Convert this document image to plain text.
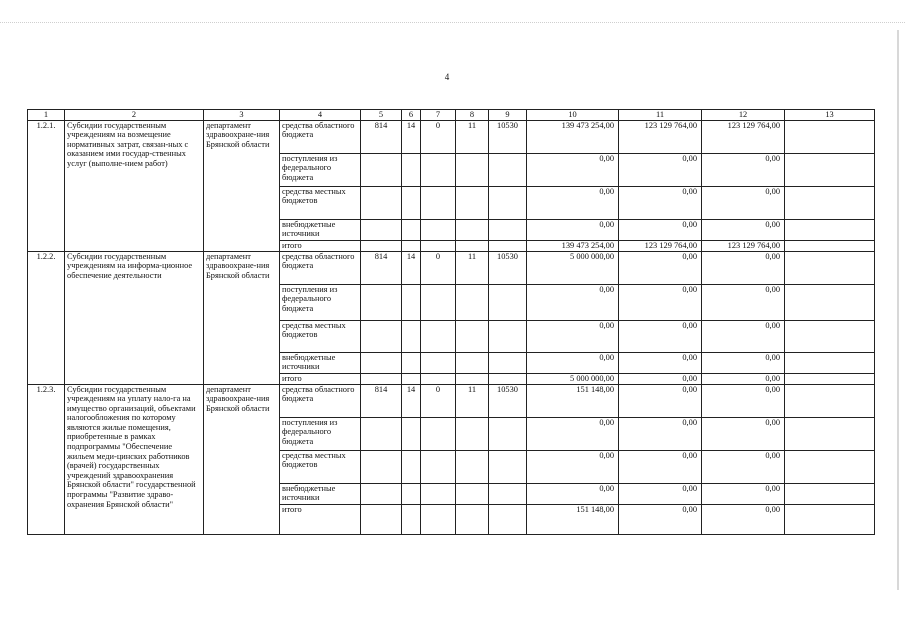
4
1	2	3	4	5	6	7	8	9	10	11	12	13
1.2.1.	Субсидии государственным учреждениям на возмещение нормативных затрат, связан-ных с оказанием ими государ-ственных услуг (выполне-нием работ)	департамент здравоохране-ния Брянской области	средства областного бюджета	814	14	0	11	10530	139 473 254,00	123 129 764,00	123 129 764,00	
			поступления из федерального бюджета						0,00	0,00	0,00	
			средства местных бюджетов						0,00	0,00	0,00	
			внебюджетные источники						0,00	0,00	0,00	
			итого						139 473 254,00	123 129 764,00	123 129 764,00	
1.2.2.	Субсидии государственным учреждениям на информа-ционное обеспечение деятельности	департамент здравоохране-ния Брянской области	средства областного бюджета	814	14	0	11	10530	5 000 000,00	0,00	0,00	
			поступления из федерального бюджета						0,00	0,00	0,00	
			средства местных бюджетов						0,00	0,00	0,00	
			внебюджетные источники						0,00	0,00	0,00	
			итого						5 000 000,00	0,00	0,00	
1.2.3.	Субсидии государственным учреждениям на уплату нало-га на имущество организаций, объектами налогообложения по которому являются жилые помещения, приобретенные в рамках подпрограммы "Обеспечение жильем меди-цинских работников (врачей) государственных учреждений здравоохранения Брянской области" государственной программы "Развитие здраво-охранения Брянской области"	департамент здравоохране-ния Брянской области	средства областного бюджета	814	14	0	11	10530	151 148,00	0,00	0,00	
			поступления из федерального бюджета						0,00	0,00	0,00	
			средства местных бюджетов						0,00	0,00	0,00	
			внебюджетные источники						0,00	0,00	0,00	
			итого						151 148,00	0,00	0,00	
